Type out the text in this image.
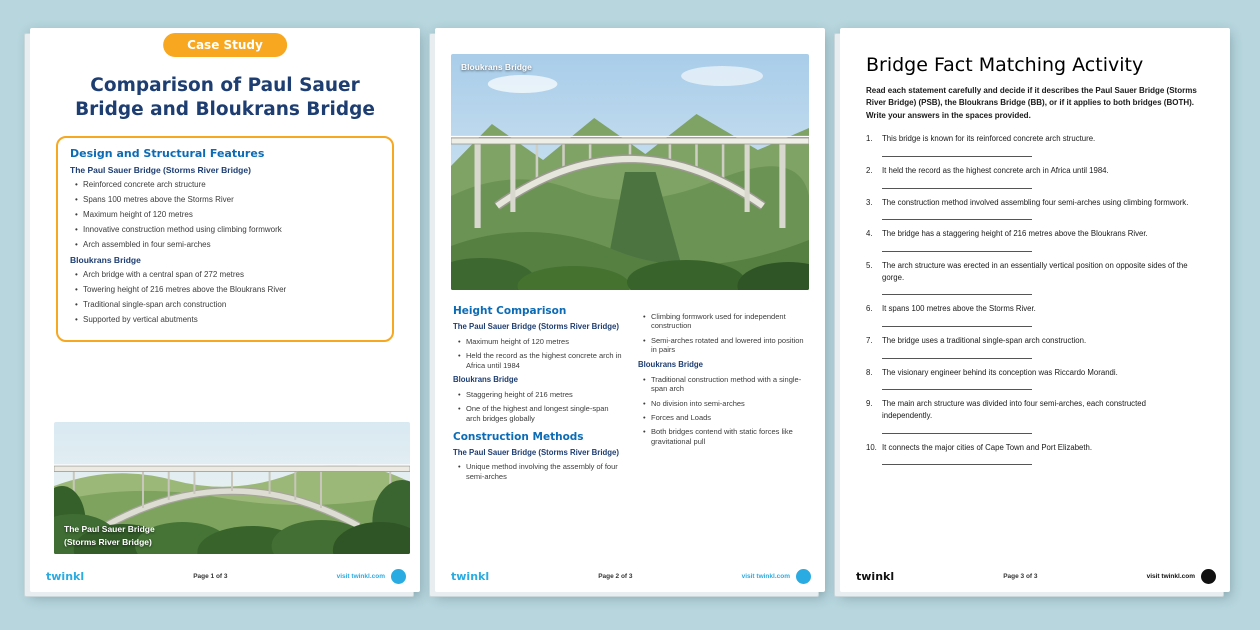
Case Study
Comparison of Paul Sauer Bridge and Bloukrans Bridge
Design and Structural Features
The Paul Sauer Bridge (Storms River Bridge)
• Reinforced concrete arch structure
• Spans 100 metres above the Storms River
• Maximum height of 120 metres
• Innovative construction method using climbing formwork
• Arch assembled in four semi-arches
Bloukrans Bridge
• Arch bridge with a central span of 272 metres
• Towering height of 216 metres above the Bloukrans River
• Traditional single-span arch construction
• Supported by vertical abutments
The Paul Sauer Bridge
(Storms River Bridge)
twinkl	Page 1 of 3	visit twinkl.com
Bloukrans Bridge
Height Comparison
The Paul Sauer Bridge (Storms River Bridge)
• Maximum height of 120 metres
• Held the record as the highest concrete arch in Africa until 1984
Bloukrans Bridge
• Staggering height of 216 metres
• One of the highest and longest single-span arch bridges globally
Construction Methods
The Paul Sauer Bridge (Storms River Bridge)
• Unique method involving the assembly of four semi-arches
• Climbing formwork used for independent construction
• Semi-arches rotated and lowered into position in pairs
Bloukrans Bridge
• Traditional construction method with a single-span arch
• No division into semi-arches
• Forces and Loads
• Both bridges contend with static forces like gravitational pull
twinkl	Page 2 of 3	visit twinkl.com
Bridge Fact Matching Activity

Read each statement carefully and decide if it describes the Paul Sauer Bridge (Storms River Bridge) (PSB), the Bloukrans Bridge (BB), or if it applies to both bridges (BOTH). Write your answers in the spaces provided.

1.	This bridge is known for its reinforced concrete arch structure.
2.	It held the record as the highest concrete arch in Africa until 1984.
3.	The construction method involved assembling four semi-arches using climbing formwork.
4.	The bridge has a staggering height of 216 metres above the Bloukrans River.
5.	The arch structure was erected in an essentially vertical position on opposite sides of the gorge.
6.	It spans 100 metres above the Storms River.
7.	The bridge uses a traditional single-span arch construction.
8.	The visionary engineer behind its conception was Riccardo Morandi.
9.	The main arch structure was divided into four semi-arches, each constructed independently.
10. It connects the major cities of Cape Town and Port Elizabeth.
twinkl	Page 3 of 3	visit twinkl.com
